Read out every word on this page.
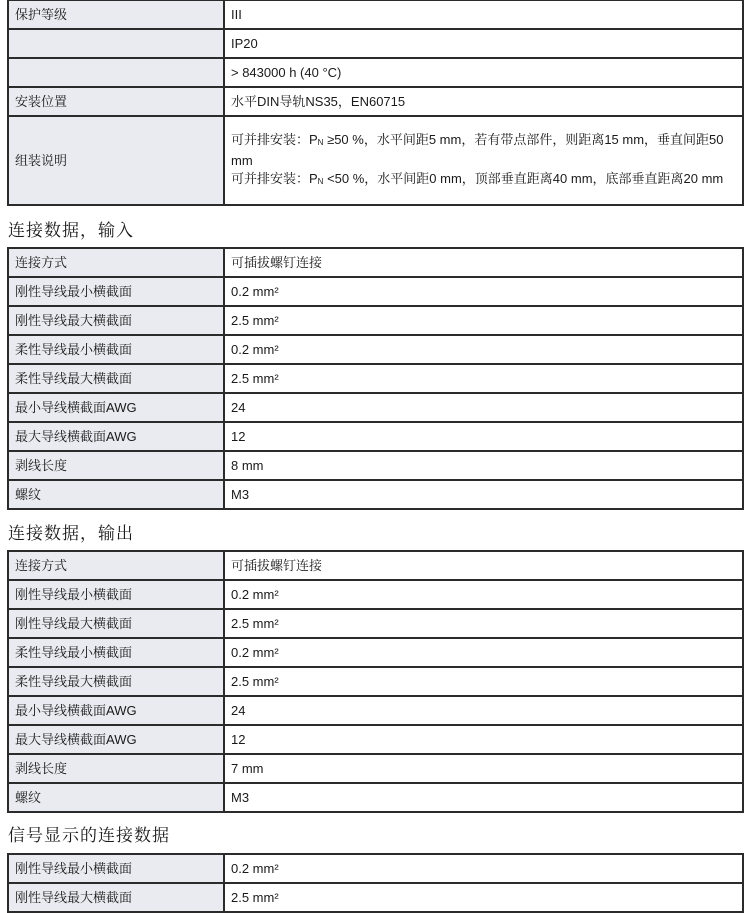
保护等级	III
	IP20
	> 843000 h (40 °C)
安装位置	水平DIN导轨NS35，EN60715
组装说明	可并排安装：$P_N \ge 50$ %，水平间距5 mm，若有带点部件，则距离15 mm，垂直间距50 mm
可并排安装：$P_N <50$ %，水平间距0 mm，顶部垂直距离40 mm，底部垂直距离20 mm
连接数据，输入
连接方式	可插拔螺钉连接
刚性导线最小横截面	0.2 mm²
刚性导线最大横截面	2.5 mm²
柔性导线最小横截面	0.2 mm²
柔性导线最大横截面	2.5 mm²
最小导线横截面AWG	24
最大导线横截面AWG	12
剥线长度	8 mm
螺纹	M3
连接数据，输出
连接方式	可插拔螺钉连接
刚性导线最小横截面	0.2 mm²
刚性导线最大横截面	2.5 mm²
柔性导线最小横截面	0.2 mm²
柔性导线最大横截面	2.5 mm²
最小导线横截面AWG	24
最大导线横截面AWG	12
剥线长度	7 mm
螺纹	M3
信号显示的连接数据
刚性导线最小横截面	0.2 mm²
刚性导线最大横截面	2.5 mm²
